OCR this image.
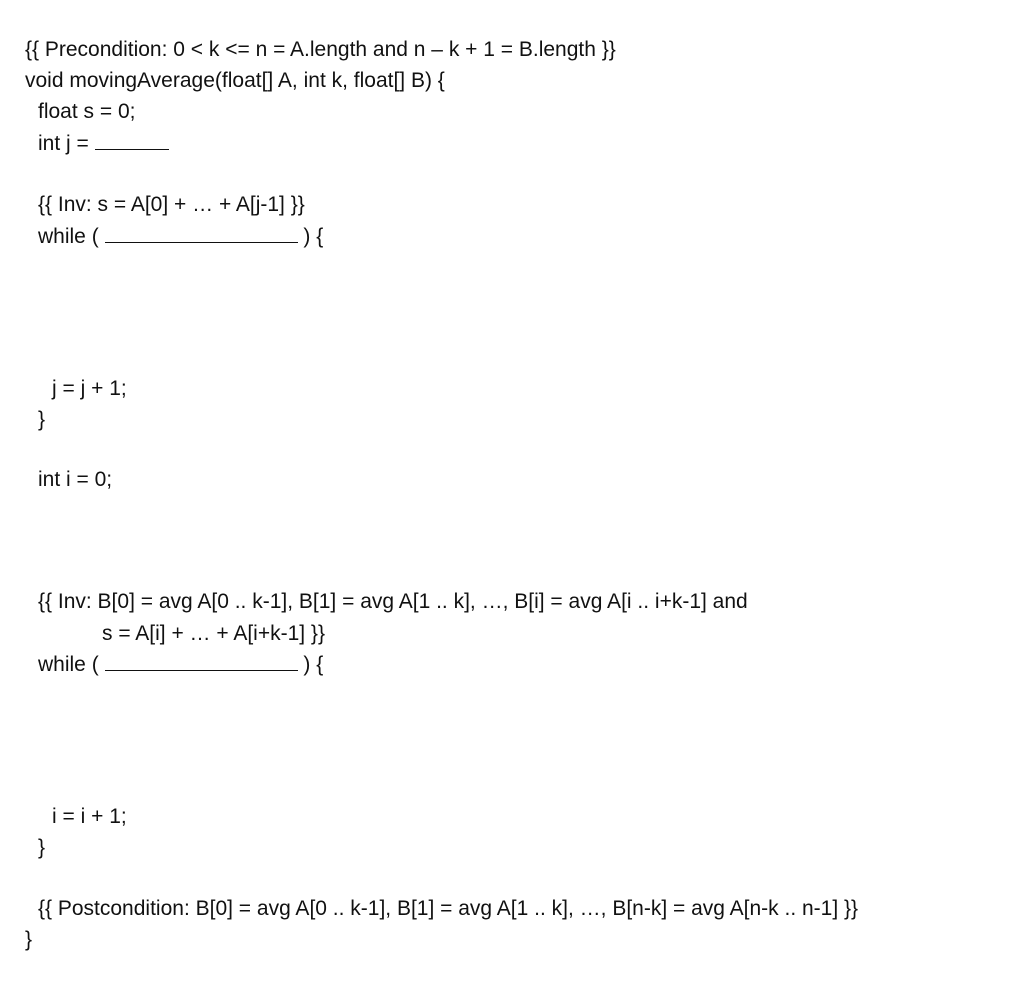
{{ Precondition: 0 < k <= n = A.length and n – k + 1 = B.length }}
void movingAverage(float[] A, int k, float[] B) {
float s = 0;
int j =
{{ Inv: s = A[0] + … + A[j-1] }}
while (	) {
j = j + 1;
}
int i = 0;
{{ Inv: B[0] = avg A[0 .. k-1], B[1] = avg A[1 .. k], …, B[i] = avg A[i .. i+k-1] and
s = A[i] + … + A[i+k-1] }}
while (	) {
i = i + 1;
}
{{ Postcondition: B[0] = avg A[0 .. k-1], B[1] = avg A[1 .. k], …, B[n-k] = avg A[n-k .. n-1] }}
}
